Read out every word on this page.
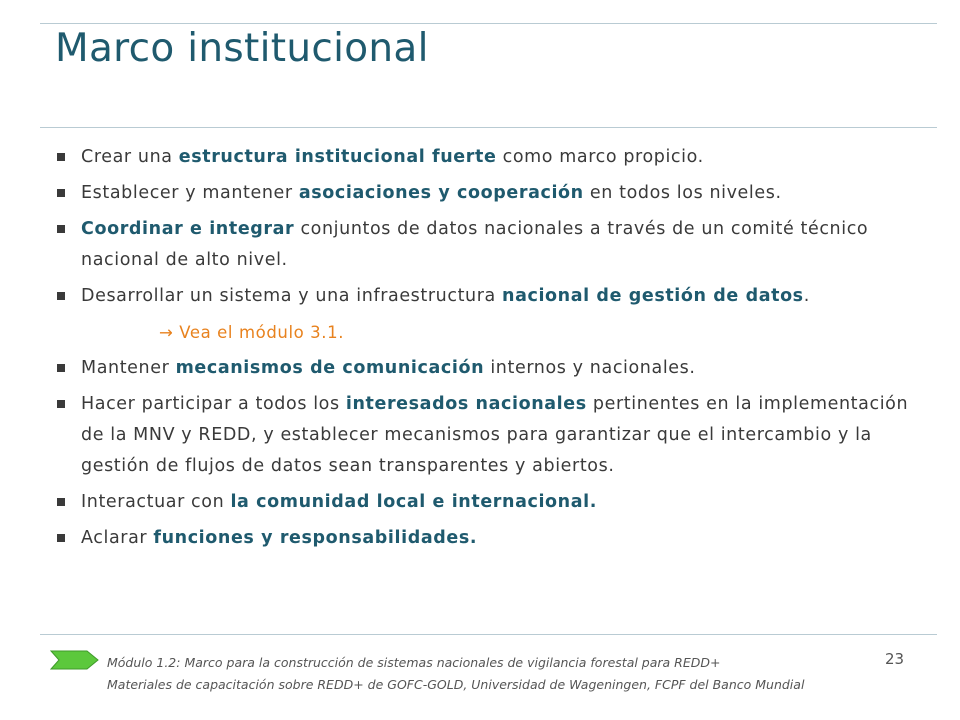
Marco institucional
Crear una estructura institucional fuerte como marco propicio.
Establecer y mantener asociaciones y cooperación en todos los niveles.
Coordinar e integrar conjuntos de datos nacionales a través de un comité técnico nacional de alto nivel.
Desarrollar un sistema y una infraestructura nacional de gestión de datos.
→ Vea el módulo 3.1.
Mantener mecanismos de comunicación internos y nacionales.
Hacer participar a todos los interesados nacionales pertinentes en la implementación de la MNV y REDD, y establecer mecanismos para garantizar que el intercambio y la gestión de flujos de datos sean transparentes y abiertos.
Interactuar con la comunidad local e internacional.
Aclarar funciones y responsabilidades.
Módulo 1.2: Marco para la construcción de sistemas nacionales de vigilancia forestal para REDD+
Materiales de capacitación sobre REDD+ de GOFC-GOLD, Universidad de Wageningen, FCPF del Banco Mundial
23
